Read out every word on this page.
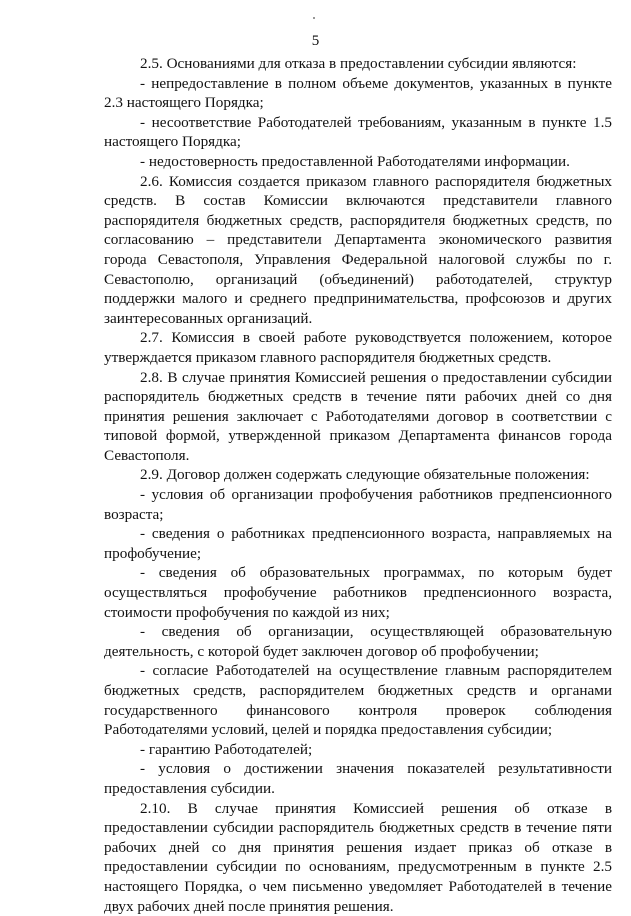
5

2.5. Основаниями для отказа в предоставлении субсидии являются:

- непредоставление в полном объеме документов, указанных в пункте 2.3 настоящего Порядка;

- несоответствие Работодателей требованиям, указанным в пункте 1.5 настоящего Порядка;

- недостоверность предоставленной Работодателями информации.

2.6. Комиссия создается приказом главного распорядителя бюджетных средств. В состав Комиссии включаются представители главного распорядителя бюджетных средств, распорядителя бюджетных средств, по согласованию – представители Департамента экономического развития города Севастополя, Управления Федеральной налоговой службы по г. Севастополю, организаций (объединений) работодателей, структур поддержки малого и среднего предпринимательства, профсоюзов и других заинтересованных организаций.

2.7. Комиссия в своей работе руководствуется положением, которое утверждается приказом главного распорядителя бюджетных средств.

2.8. В случае принятия Комиссией решения о предоставлении субсидии распорядитель бюджетных средств в течение пяти рабочих дней со дня принятия решения заключает с Работодателями договор в соответствии с типовой формой, утвержденной приказом Департамента финансов города Севастополя.

2.9. Договор должен содержать следующие обязательные положения:

- условия об организации профобучения работников предпенсионного возраста;

- сведения о работниках предпенсионного возраста, направляемых на профобучение;

- сведения об образовательных программах, по которым будет осуществляться профобучение работников предпенсионного возраста, стоимости профобучения по каждой из них;

- сведения об организации, осуществляющей образовательную деятельность, с которой будет заключен договор об профобучении;

- согласие Работодателей на осуществление главным распорядителем бюджетных средств, распорядителем бюджетных средств и органами государственного финансового контроля проверок соблюдения Работодателями условий, целей и порядка предоставления субсидии;

- гарантию Работодателей;

- условия о достижении значения показателей результативности предоставления субсидии.

2.10. В случае принятия Комиссией решения об отказе в предоставлении субсидии распорядитель бюджетных средств в течение пяти рабочих дней со дня принятия решения издает приказ об отказе в предоставлении субсидии по основаниям, предусмотренным в пункте 2.5 настоящего Порядка, о чем письменно уведомляет Работодателей в течение двух рабочих дней после принятия решения.
